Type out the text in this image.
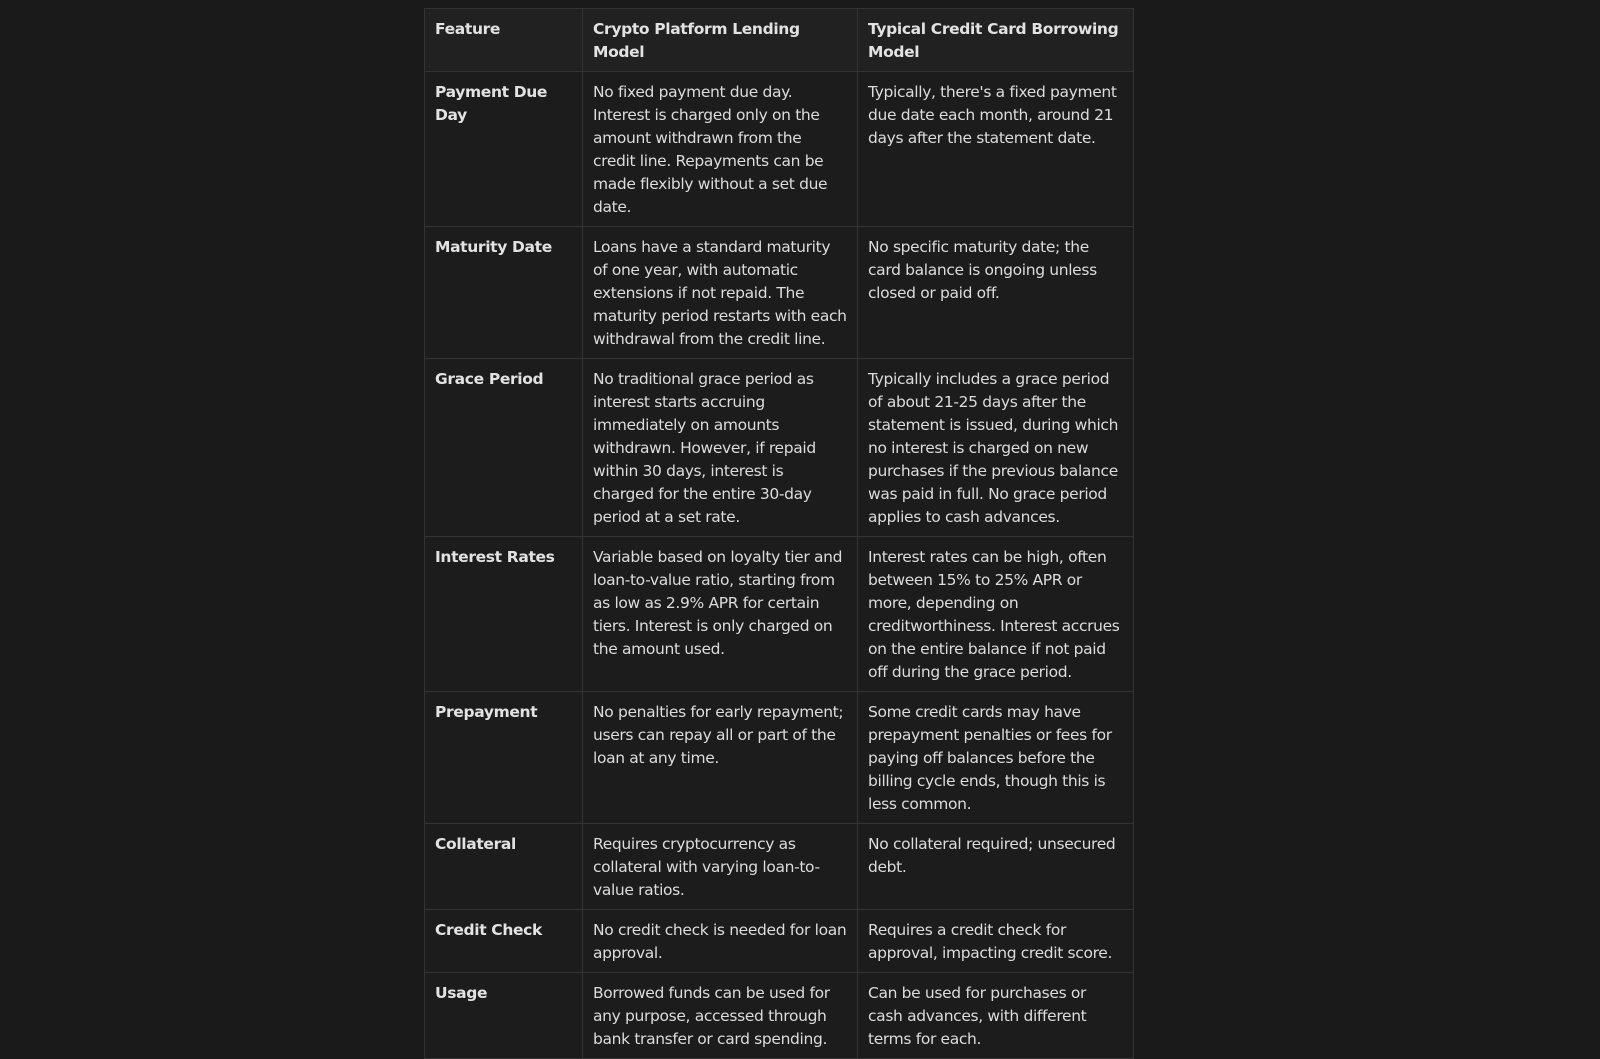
Feature	Crypto Platform Lending Model	Typical Credit Card Borrowing Model
Payment Due Day	No fixed payment due day. Interest is charged only on the amount withdrawn from the credit line. Repayments can be made flexibly without a set due date.	Typically, there's a fixed payment due date each month, around 21 days after the statement date.
Maturity Date	Loans have a standard maturity of one year, with automatic extensions if not repaid. The maturity period restarts with each withdrawal from the credit line.	No specific maturity date; the card balance is ongoing unless closed or paid off.
Grace Period	No traditional grace period as interest starts accruing immediately on amounts withdrawn. However, if repaid within 30 days, interest is charged for the entire 30-day period at a set rate.	Typically includes a grace period of about 21-25 days after the statement is issued, during which no interest is charged on new purchases if the previous balance was paid in full. No grace period applies to cash advances.
Interest Rates	Variable based on loyalty tier and loan-to-value ratio, starting from as low as 2.9% APR for certain tiers. Interest is only charged on the amount used.	Interest rates can be high, often between 15% to 25% APR or more, depending on creditworthiness. Interest accrues on the entire balance if not paid off during the grace period.
Prepayment	No penalties for early repayment; users can repay all or part of the loan at any time.	Some credit cards may have prepayment penalties or fees for paying off balances before the billing cycle ends, though this is less common.
Collateral	Requires cryptocurrency as collateral with varying loan-to-value ratios.	No collateral required; unsecured debt.
Credit Check	No credit check is needed for loan approval.	Requires a credit check for approval, impacting credit score.
Usage	Borrowed funds can be used for any purpose, accessed through bank transfer or card spending.	Can be used for purchases or cash advances, with different terms for each.
